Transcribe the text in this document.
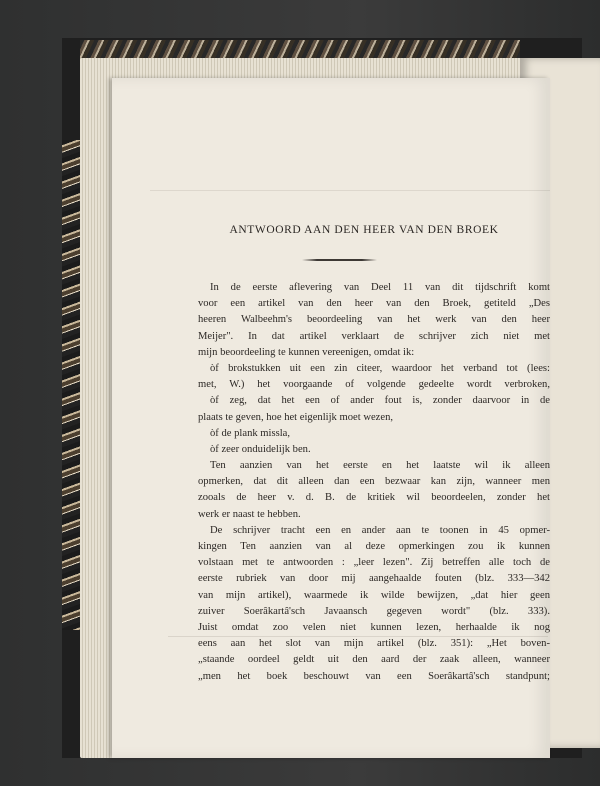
ANTWOORD AAN DEN HEER VAN DEN BROEK
In de eerste aflevering van Deel 11 van dit tijdschrift komt
voor een artikel van den heer van den Broek, getiteld „Des
heeren Walbeehm's beoordeeling van het werk van den heer
Meijer". In dat artikel verklaart de schrijver zich niet met
mijn beoordeeling te kunnen vereenigen, omdat ik:
òf brokstukken uit een zin citeer, waardoor het verband tot (lees:
met, W.) het voorgaande of volgende gedeelte wordt verbroken,
òf zeg, dat het een of ander fout is, zonder daarvoor in de
plaats te geven, hoe het eigenlijk moet wezen,
òf de plank missla,
òf zeer onduidelijk ben.
Ten aanzien van het eerste en het laatste wil ik alleen
opmerken, dat dit alleen dan een bezwaar kan zijn, wanneer men
zooals de heer v. d. B. de kritiek wil beoordeelen, zonder het
werk er naast te hebben.
De schrijver tracht een en ander aan te toonen in 45 opmer-
kingen Ten aanzien van al deze opmerkingen zou ik kunnen
volstaan met te antwoorden : „leer lezen". Zij betreffen alle toch de
eerste rubriek van door mij aangehaalde fouten (blz. 333—342
van mijn artikel), waarmede ik wilde bewijzen, „dat hier geen
zuiver Soerâkartâ'sch Javaansch gegeven wordt" (blz. 333).
Juist omdat zoo velen niet kunnen lezen, herhaalde ik nog
eens aan het slot van mijn artikel (blz. 351): „Het boven-
„staande oordeel geldt uit den aard der zaak alleen, wanneer
„men het boek beschouwt van een Soerâkartâ'sch standpunt;
